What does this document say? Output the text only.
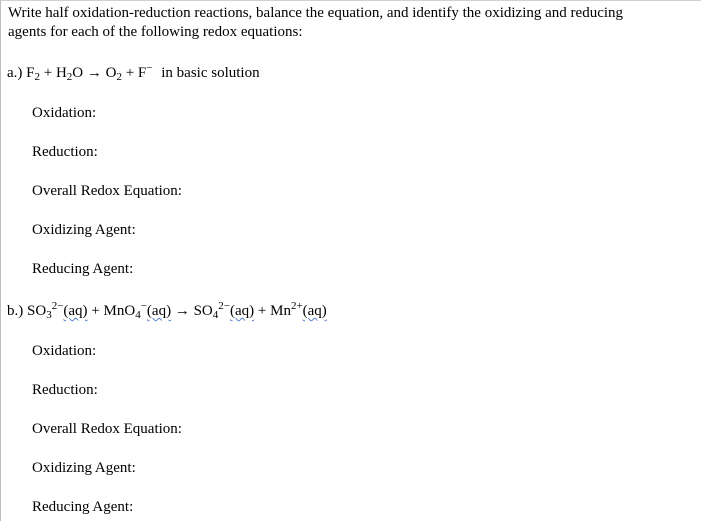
Write half oxidation-reduction reactions, balance the equation, and identify the oxidizing and reducing
agents for each of the following redox equations:
a.) $F_2 + H_2O \to O_2 + F^-$ in basic solution
Oxidation:
Reduction:
Overall Redox Equation:
Oxidizing Agent:
Reducing Agent:
b.) $SO_3^{2-}(aq) + MnO_4^-(aq) \to SO_4^{2-}(aq) + Mn^{2+}(aq)$
Oxidation:
Reduction:
Overall Redox Equation:
Oxidizing Agent:
Reducing Agent:
